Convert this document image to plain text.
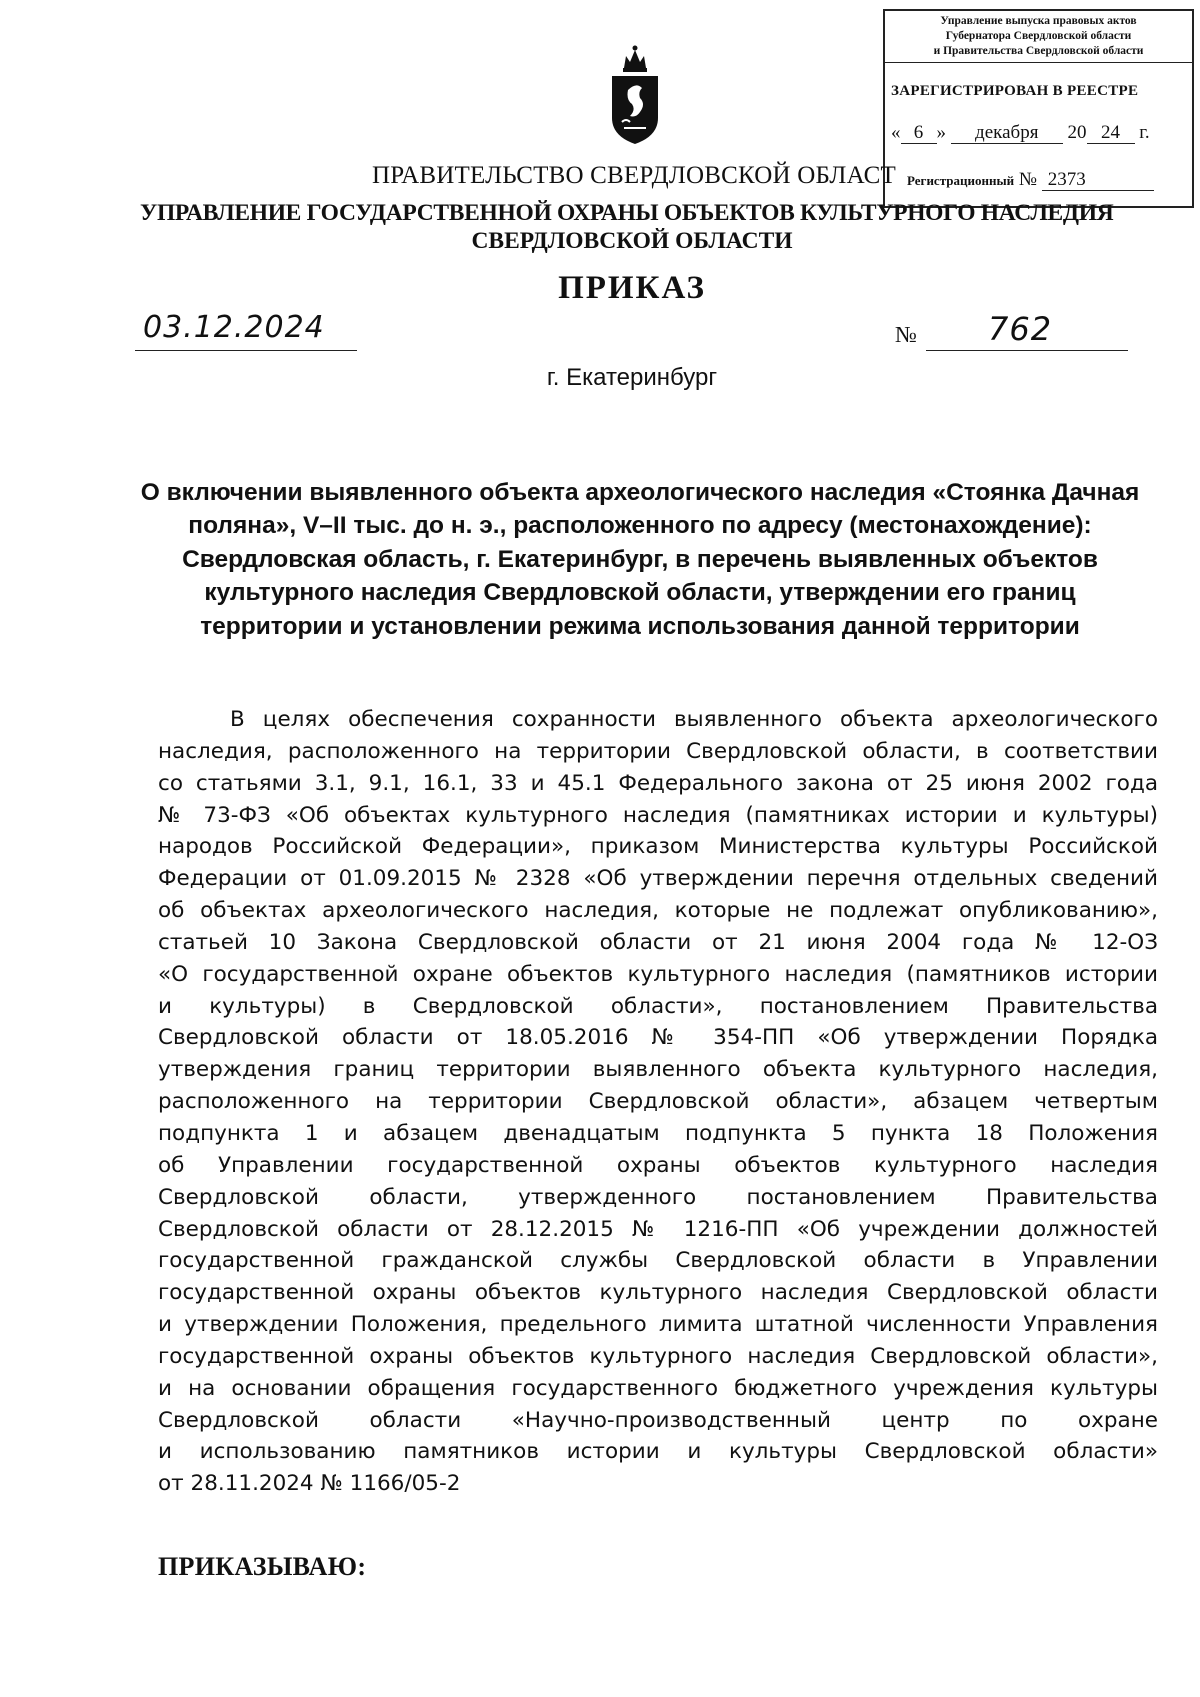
Управление выпуска правовых актов
Губернатора Свердловской области
и Правительства Свердловской области
ЗАРЕГИСТРИРОВАН В РЕЕСТРЕ
« 6 » декабря 20 24 г.
Регистрационный № 2373
ПРАВИТЕЛЬСТВО СВЕРДЛОВСКОЙ ОБЛАСТ
УПРАВЛЕНИЕ ГОСУДАРСТВЕННОЙ ОХРАНЫ ОБЪЕКТОВ КУЛЬТУРНОГО НАСЛЕДИЯ
СВЕРДЛОВСКОЙ ОБЛАСТИ
ПРИКАЗ
03.12.2024	№ 762
г. Екатеринбург
О включении выявленного объекта археологического наследия «Стоянка Дачная поляна», V–II тыс. до н. э., расположенного по адресу (местонахождение): Свердловская область, г. Екатеринбург, в перечень выявленных объектов культурного наследия Свердловской области, утверждении его границ территории и установлении режима использования данной территории
В целях обеспечения сохранности выявленного объекта археологического
наследия, расположенного на территории Свердловской области, в соответствии
со статьями 3.1, 9.1, 16.1, 33 и 45.1 Федерального закона от 25 июня 2002 года
№ 73-ФЗ «Об объектах культурного наследия (памятниках истории и культуры)
народов Российской Федерации», приказом Министерства культуры Российской
Федерации от 01.09.2015 № 2328 «Об утверждении перечня отдельных сведений
об объектах археологического наследия, которые не подлежат опубликованию»,
статьей 10 Закона Свердловской области от 21 июня 2004 года № 12-ОЗ
«О государственной охране объектов культурного наследия (памятников истории
и культуры) в Свердловской области», постановлением Правительства
Свердловской области от 18.05.2016 № 354-ПП «Об утверждении Порядка
утверждения границ территории выявленного объекта культурного наследия,
расположенного на территории Свердловской области», абзацем четвертым
подпункта 1 и абзацем двенадцатым подпункта 5 пункта 18 Положения
об Управлении государственной охраны объектов культурного наследия
Свердловской области, утвержденного постановлением Правительства
Свердловской области от 28.12.2015 № 1216-ПП «Об учреждении должностей
государственной гражданской службы Свердловской области в Управлении
государственной охраны объектов культурного наследия Свердловской области
и утверждении Положения, предельного лимита штатной численности Управления
государственной охраны объектов культурного наследия Свердловской области»,
и на основании обращения государственного бюджетного учреждения культуры
Свердловской области «Научно-производственный центр по охране
и использованию памятников истории и культуры Свердловской области»
от 28.11.2024 № 1166/05-2
ПРИКАЗЫВАЮ:
